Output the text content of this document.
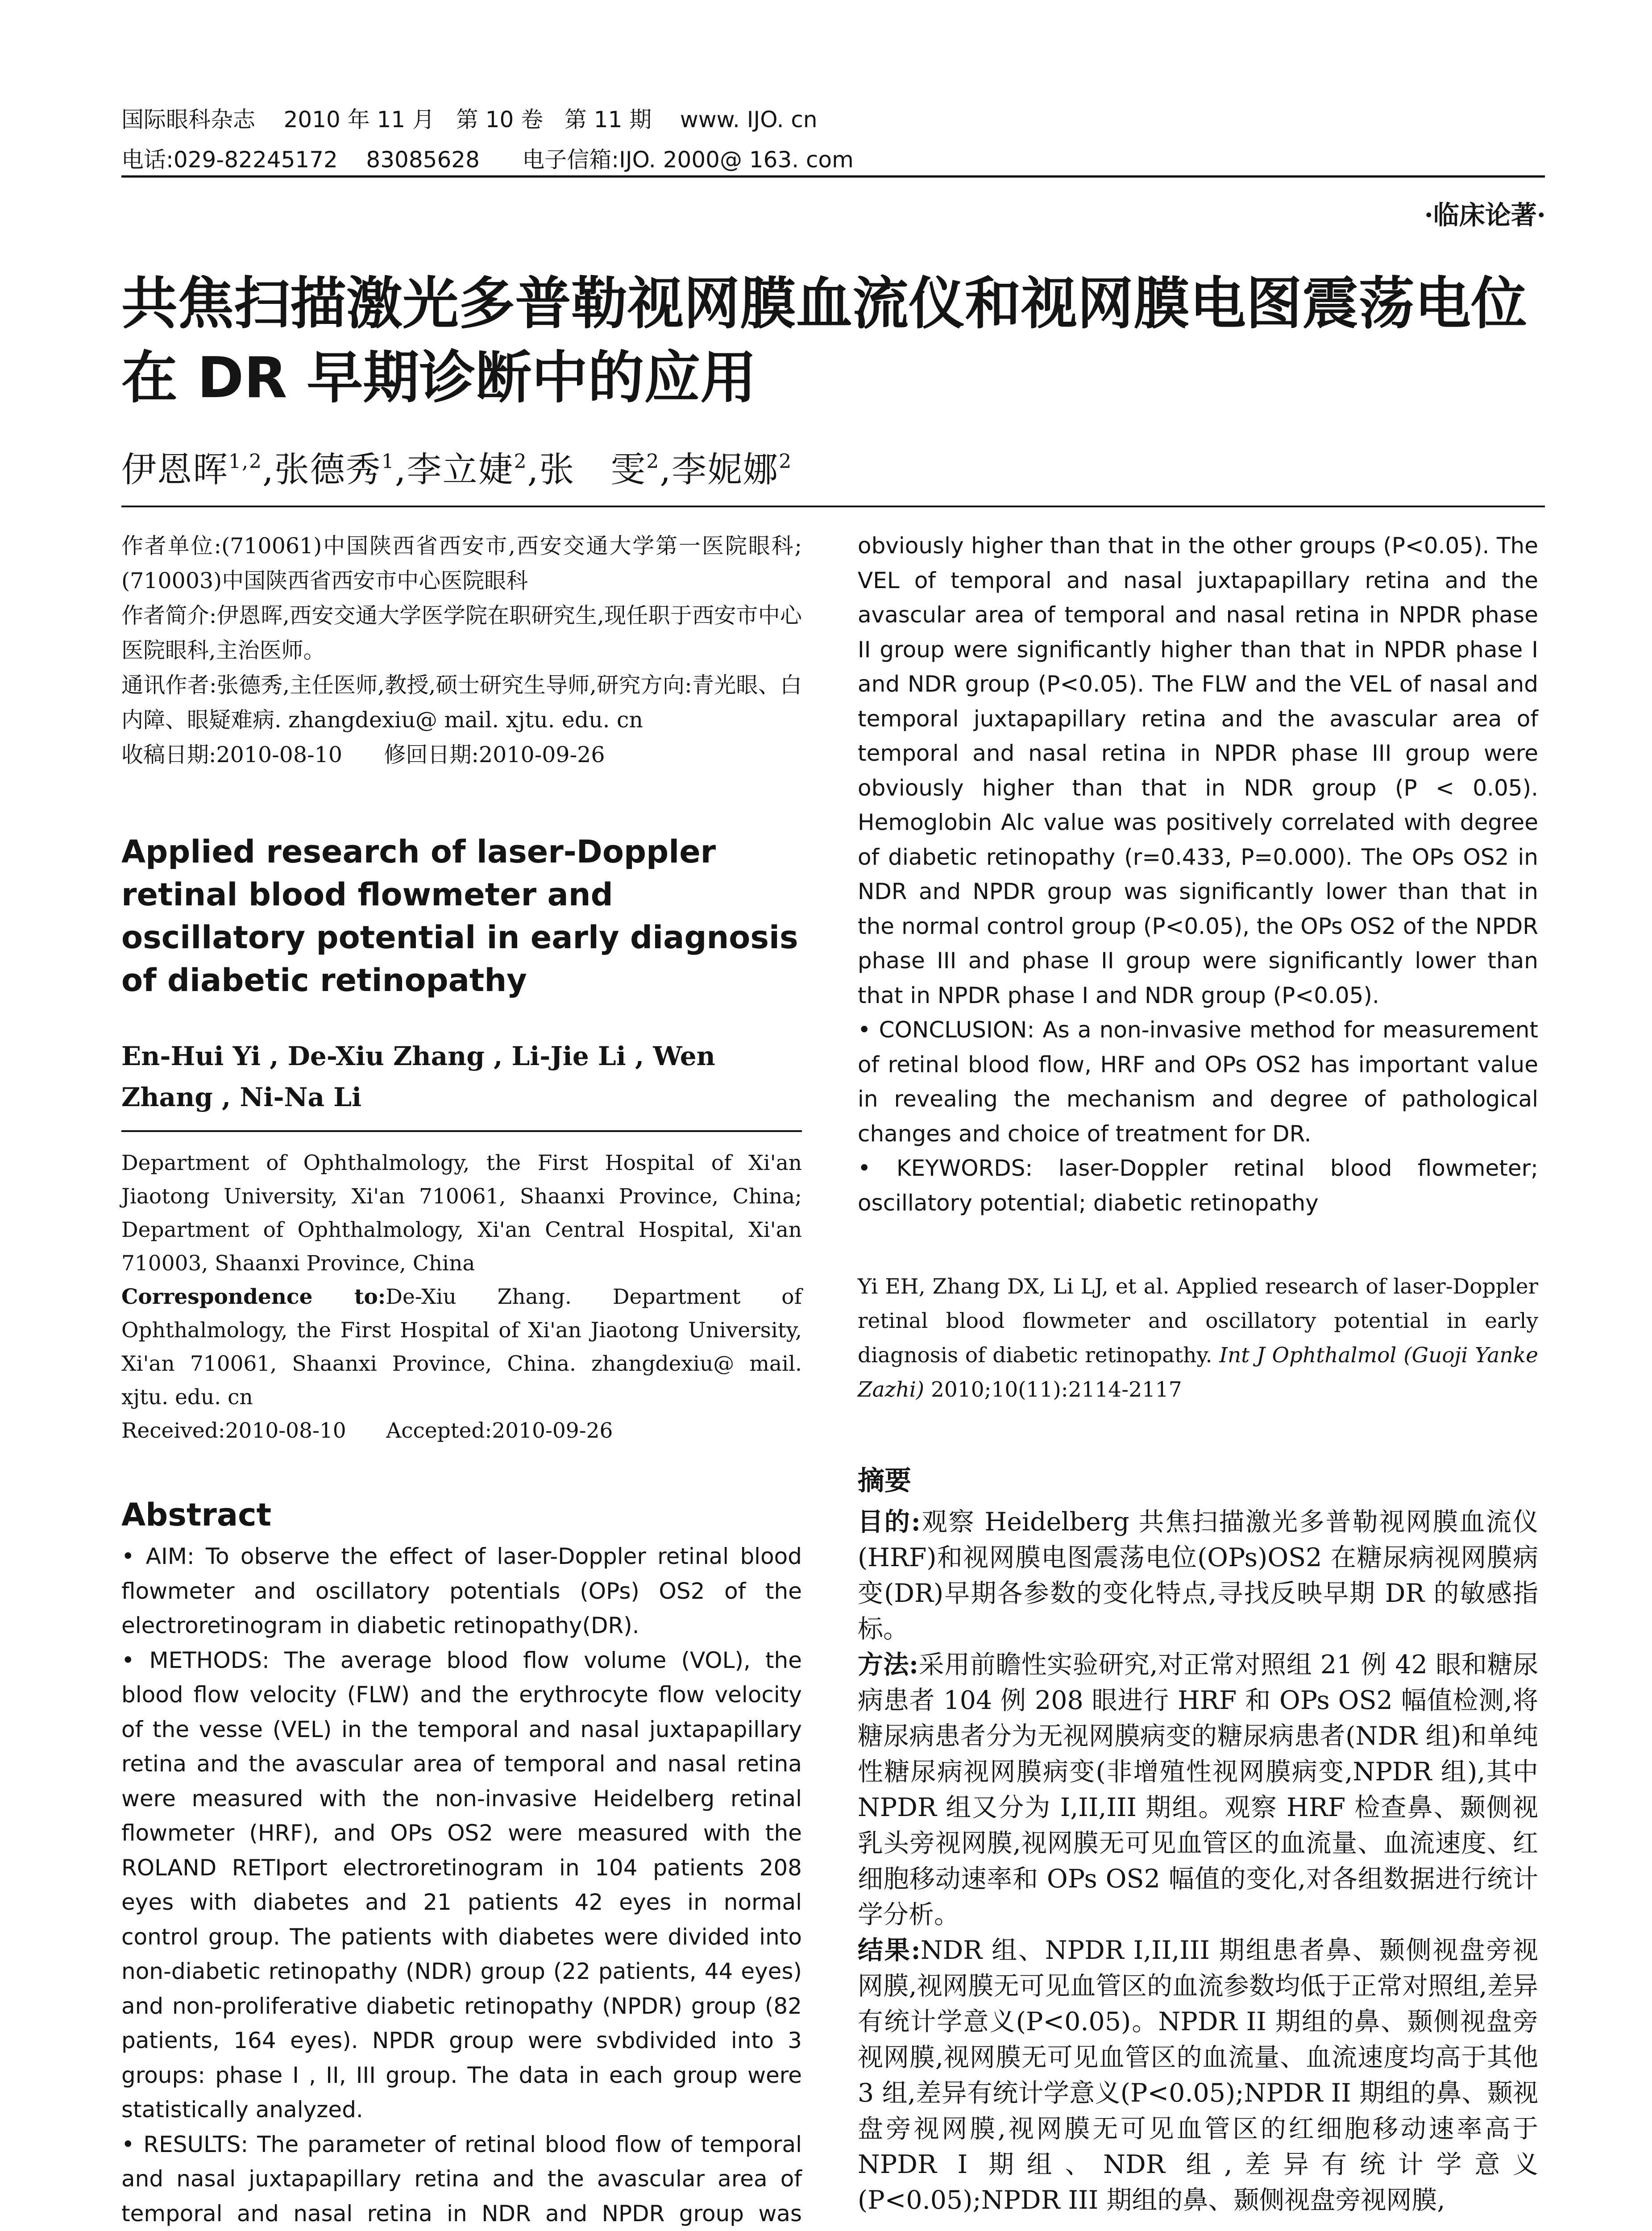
国际眼科杂志    2010 年 11 月   第 10 卷   第 11 期    www. IJO. cn
电话:029-82245172    83085628      电子信箱:IJO. 2000@ 163. com
·临床论著·
共焦扫描激光多普勒视网膜血流仪和视网膜电图震荡电位在 DR 早期诊断中的应用
伊恩晖$^{1,2}$,张德秀$^1$,李立婕$^2$,张　雯$^2$,李妮娜$^2$

作者单位:(710061)中国陕西省西安市,西安交通大学第一医院眼科;(710003)中国陕西省西安市中心医院眼科

作者简介:伊恩晖,西安交通大学医学院在职研究生,现任职于西安市中心医院眼科,主治医师。

通讯作者:张德秀,主任医师,教授,硕士研究生导师,研究方向:青光眼、白内障、眼疑难病. zhangdexiu@ mail. xjtu. edu. cn

收稿日期:2010-08-10      修回日期:2010-09-26

Applied research of laser-Doppler retinal blood flowmeter and oscillatory potential in early diagnosis of diabetic retinopathy
En-Hui Yi , De-Xiu Zhang , Li-Jie Li , Wen Zhang , Ni-Na Li

Department of Ophthalmology, the First Hospital of Xi'an Jiaotong University, Xi'an 710061, Shaanxi Province, China; Department of Ophthalmology, Xi'an Central Hospital, Xi'an 710003, Shaanxi Province, China

Correspondence to:De-Xiu Zhang. Department of Ophthalmology, the First Hospital of Xi'an Jiaotong University, Xi'an 710061, Shaanxi Province, China. zhangdexiu@ mail. xjtu. edu. cn

Received:2010-08-10      Accepted:2010-09-26

Abstract

• AIM: To observe the effect of laser-Doppler retinal blood flowmeter and oscillatory potentials (OPs) OS2 of the electroretinogram in diabetic retinopathy(DR).

• METHODS: The average blood flow volume (VOL), the blood flow velocity (FLW) and the erythrocyte flow velocity of the vesse (VEL) in the temporal and nasal juxtapapillary retina and the avascular area of temporal and nasal retina were measured with the non-invasive Heidelberg retinal flowmeter (HRF), and OPs OS2 were measured with the ROLAND RETIport electroretinogram in 104 patients 208 eyes with diabetes and 21 patients 42 eyes in normal control group. The patients with diabetes were divided into non-diabetic retinopathy (NDR) group (22 patients, 44 eyes) and non-proliferative diabetic retinopathy (NPDR) group (82 patients, 164 eyes). NPDR group were svbdivided into 3 groups: phase I , II, III group. The data in each group were statistically analyzed.

• RESULTS: The parameter of retinal blood flow of temporal and nasal juxtapapillary retina and the avascular area of temporal and nasal retina in NDR and NPDR group was

obviously higher than that in the other groups (P<0.05). The VEL of temporal and nasal juxtapapillary retina and the avascular area of temporal and nasal retina in NPDR phase II group were significantly higher than that in NPDR phase I and NDR group (P<0.05). The FLW and the VEL of nasal and temporal juxtapapillary retina and the avascular area of temporal and nasal retina in NPDR phase III group were obviously higher than that in NDR group (P < 0.05). Hemoglobin Alc value was positively correlated with degree of diabetic retinopathy (r=0.433, P=0.000). The OPs OS2 in NDR and NPDR group was significantly lower than that in the normal control group (P<0.05), the OPs OS2 of the NPDR phase III and phase II group were significantly lower than that in NPDR phase I and NDR group (P<0.05).

• CONCLUSION: As a non-invasive method for measurement of retinal blood flow, HRF and OPs OS2 has important value in revealing the mechanism and degree of pathological changes and choice of treatment for DR.

• KEYWORDS: laser-Doppler retinal blood flowmeter; oscillatory potential; diabetic retinopathy

Yi EH, Zhang DX, Li LJ, et al. Applied research of laser-Doppler retinal blood flowmeter and oscillatory potential in early diagnosis of diabetic retinopathy. Int J Ophthalmol (Guoji Yanke Zazhi) 2010;10(11):2114-2117

摘要

目的:观察 Heidelberg 共焦扫描激光多普勒视网膜血流仪(HRF)和视网膜电图震荡电位(OPs)OS2 在糖尿病视网膜病变(DR)早期各参数的变化特点,寻找反映早期 DR 的敏感指标。

方法:采用前瞻性实验研究,对正常对照组 21 例 42 眼和糖尿病患者 104 例 208 眼进行 HRF 和 OPs OS2 幅值检测,将糖尿病患者分为无视网膜病变的糖尿病患者(NDR 组)和单纯性糖尿病视网膜病变(非增殖性视网膜病变,NPDR 组),其中 NPDR 组又分为 I,II,III 期组。观察 HRF 检查鼻、颞侧视乳头旁视网膜,视网膜无可见血管区的血流量、血流速度、红细胞移动速率和 OPs OS2 幅值的变化,对各组数据进行统计学分析。

结果:NDR 组、NPDR I,II,III 期组患者鼻、颞侧视盘旁视网膜,视网膜无可见血管区的血流参数均低于正常对照组,差异有统计学意义(P<0.05)。NPDR II 期组的鼻、颞侧视盘旁视网膜,视网膜无可见血管区的血流量、血流速度均高于其他 3 组,差异有统计学意义(P<0.05);NPDR II 期组的鼻、颞视盘旁视网膜,视网膜无可见血管区的红细胞移动速率高于 NPDR I 期组、NDR 组,差异有统计学意义(P<0.05);NPDR III 期组的鼻、颞侧视盘旁视网膜,
